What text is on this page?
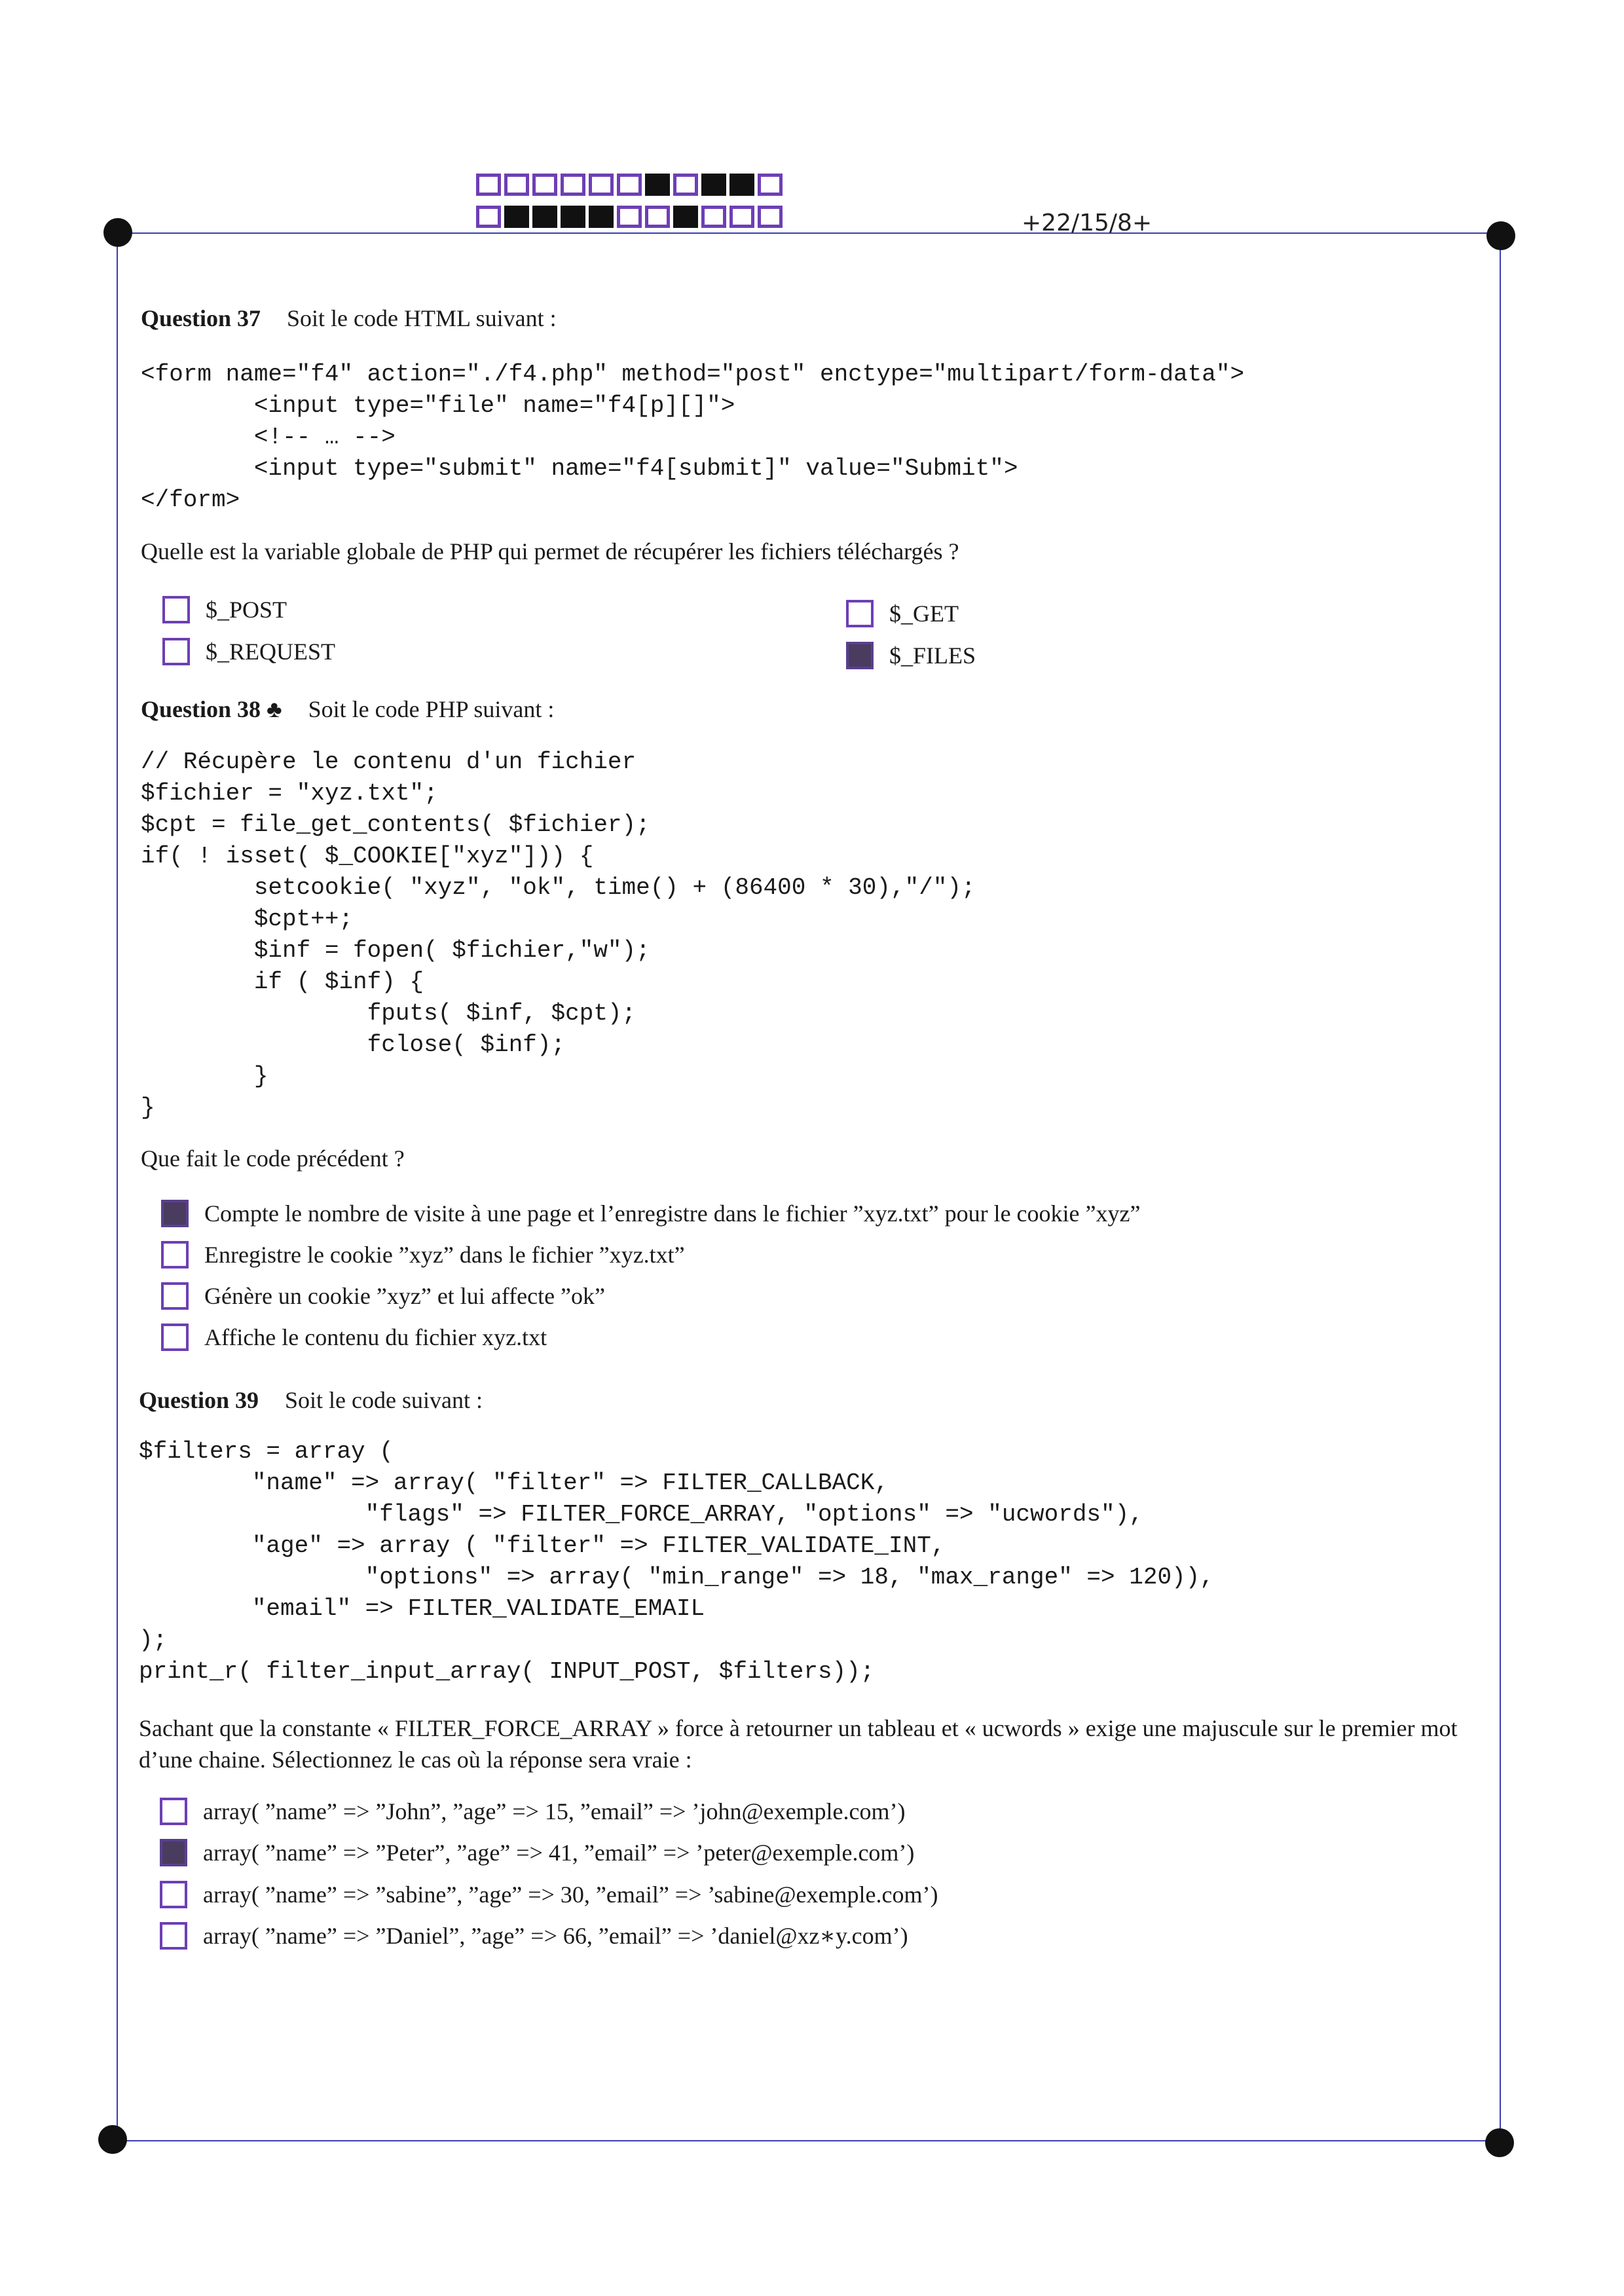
+22/15/8+
Question 37 Soit le code HTML suivant :
<form name="f4" action="./f4.php" method="post" enctype="multipart/form-data">
<input type="file" name="f4[p][]">
<!-- … -->
<input type="submit" name="f4[submit]" value="Submit">
</form>
Quelle est la variable globale de PHP qui permet de récupérer les fichiers téléchargés ?
$_POST	$_GET
$_REQUEST	$_FILES
Question 38 ♣ Soit le code PHP suivant :
// Récupère le contenu d'un fichier
$fichier = "xyz.txt";
$cpt = file_get_contents( $fichier);
if( ! isset( $_COOKIE["xyz"])) {
setcookie( "xyz", "ok", time() + (86400 * 30),"/");
$cpt++;
$inf = fopen( $fichier,"w");
if ( $inf) {
fputs( $inf, $cpt);
fclose( $inf);
}
}
Que fait le code précédent ?
Compte le nombre de visite à une page et l’enregistre dans le fichier ”xyz.txt” pour le cookie ”xyz”
Enregistre le cookie ”xyz” dans le fichier ”xyz.txt”
Génère un cookie ”xyz” et lui affecte ”ok”
Affiche le contenu du fichier xyz.txt
Question 39 Soit le code suivant :
$filters = array (
"name" => array( "filter" => FILTER_CALLBACK,
"flags" => FILTER_FORCE_ARRAY, "options" => "ucwords"),
"age" => array ( "filter" => FILTER_VALIDATE_INT,
"options" => array( "min_range" => 18, "max_range" => 120)),
"email" => FILTER_VALIDATE_EMAIL
);
print_r( filter_input_array( INPUT_POST, $filters));
Sachant que la constante « FILTER_FORCE_ARRAY » force à retourner un tableau et « ucwords » exige une majuscule sur le premier mot d’une chaine. Sélectionnez le cas où la réponse sera vraie :
array( ”name” => ”John”, ”age” => 15, ”email” => ’john@exemple.com’)
array( ”name” => ”Peter”, ”age” => 41, ”email” => ’peter@exemple.com’)
array( ”name” => ”sabine”, ”age” => 30, ”email” => ’sabine@exemple.com’)
array( ”name” => ”Daniel”, ”age” => 66, ”email” => ’daniel@xz∗y.com’)
